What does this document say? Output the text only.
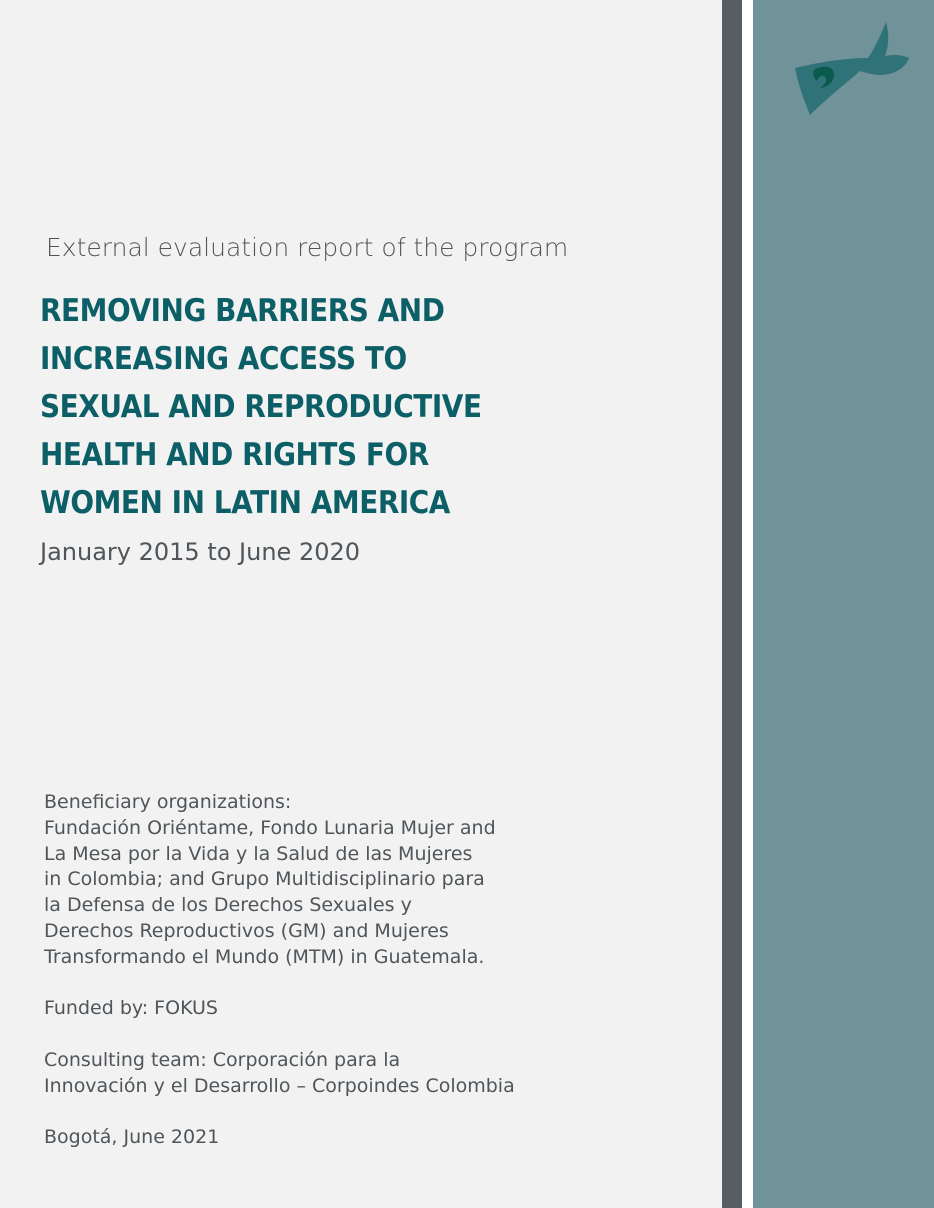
External evaluation report of the program
REMOVING BARRIERS AND
INCREASING ACCESS TO
SEXUAL AND REPRODUCTIVE
HEALTH AND RIGHTS FOR
WOMEN IN LATIN AMERICA
January 2015 to June 2020
Beneficiary organizations:
Fundación Oriéntame, Fondo Lunaria Mujer and
La Mesa por la Vida y la Salud de las Mujeres
in Colombia; and Grupo Multidisciplinario para
la Defensa de los Derechos Sexuales y
Derechos Reproductivos (GM) and Mujeres
Transformando el Mundo (MTM) in Guatemala.
Funded by: FOKUS
Consulting team: Corporación para la
Innovación y el Desarrollo – Corpoindes Colombia
Bogotá, June 2021
